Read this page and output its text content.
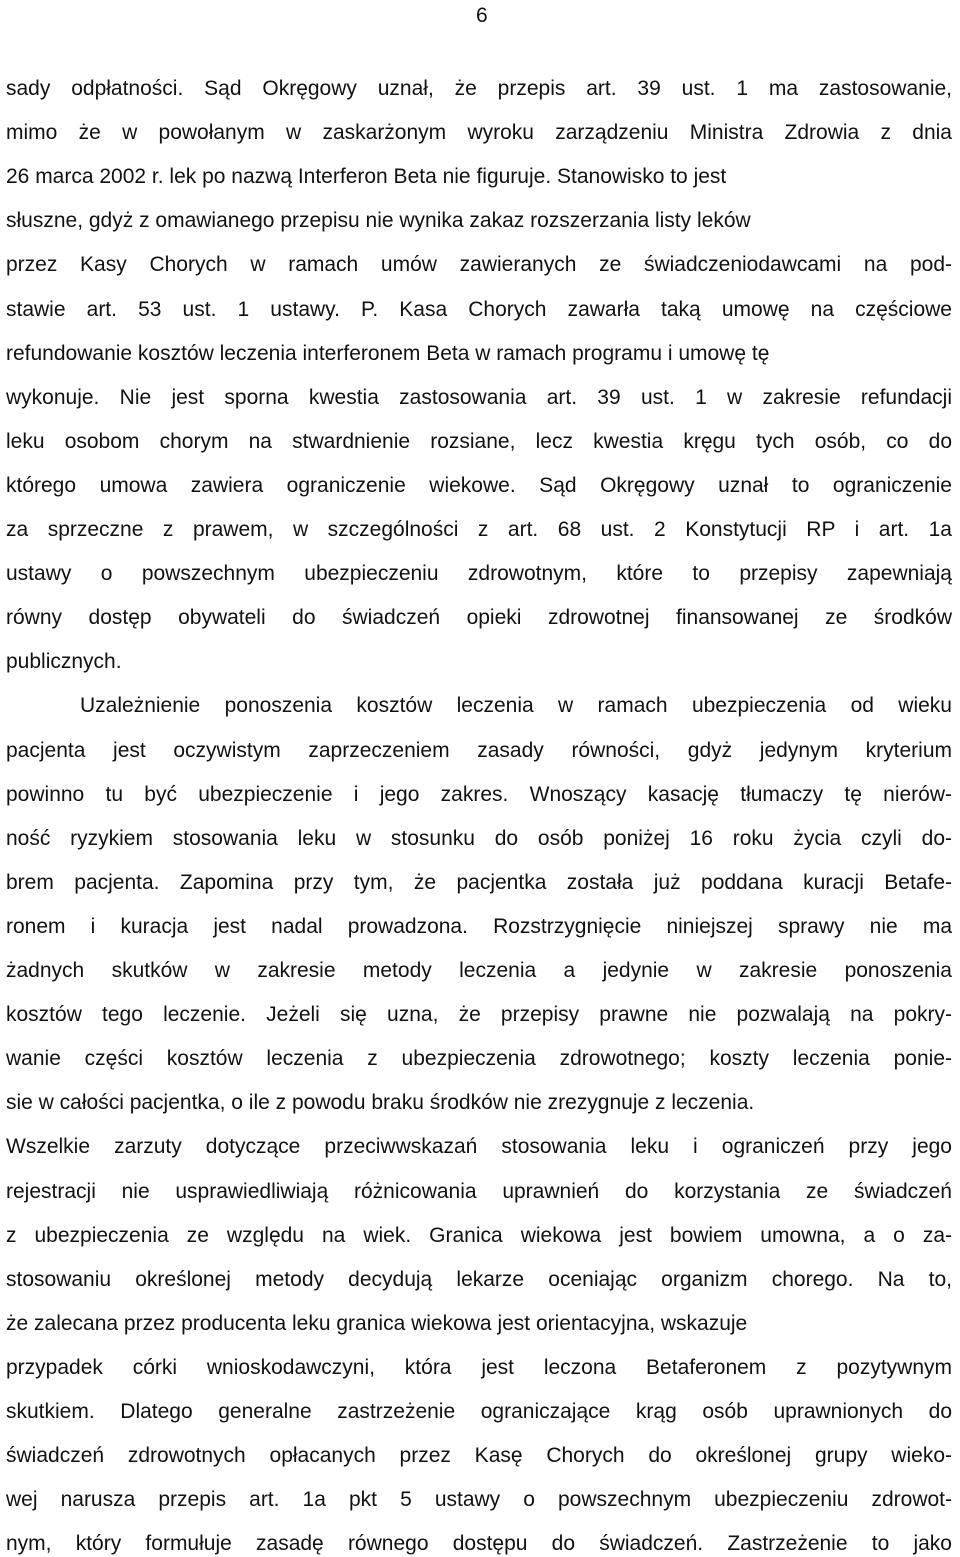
6
sady odpłatności. Sąd Okręgowy uznał, że przepis art. 39 ust. 1 ma zastosowanie,
mimo że w powołanym w zaskarżonym wyroku zarządzeniu Ministra Zdrowia z dnia
26 marca 2002 r. lek po nazwą Interferon Beta nie figuruje. Stanowisko to jest
słuszne, gdyż z omawianego przepisu nie wynika zakaz rozszerzania listy leków
przez Kasy Chorych w ramach umów zawieranych ze świadczeniodawcami na pod-
stawie art. 53 ust. 1 ustawy. P. Kasa Chorych zawarła taką umowę na częściowe
refundowanie kosztów leczenia interferonem Beta w ramach programu i umowę tę
wykonuje. Nie jest sporna kwestia zastosowania art. 39 ust. 1 w zakresie refundacji
leku osobom chorym na stwardnienie rozsiane, lecz kwestia kręgu tych osób, co do
którego umowa zawiera ograniczenie wiekowe. Sąd Okręgowy uznał to ograniczenie
za sprzeczne z prawem, w szczególności z art. 68 ust. 2 Konstytucji RP i art. 1a
ustawy o powszechnym ubezpieczeniu zdrowotnym, które to przepisy zapewniają
równy dostęp obywateli do świadczeń opieki zdrowotnej finansowanej ze środków
publicznych.
Uzależnienie ponoszenia kosztów leczenia w ramach ubezpieczenia od wieku
pacjenta jest oczywistym zaprzeczeniem zasady równości, gdyż jedynym kryterium
powinno tu być ubezpieczenie i jego zakres. Wnoszący kasację tłumaczy tę nierów-
ność ryzykiem stosowania leku w stosunku do osób poniżej 16 roku życia czyli do-
brem pacjenta. Zapomina przy tym, że pacjentka została już poddana kuracji Betafe-
ronem i kuracja jest nadal prowadzona. Rozstrzygnięcie niniejszej sprawy nie ma
żadnych skutków w zakresie metody leczenia a jedynie w zakresie ponoszenia
kosztów tego leczenie. Jeżeli się uzna, że przepisy prawne nie pozwalają na pokry-
wanie części kosztów leczenia z ubezpieczenia zdrowotnego; koszty leczenia ponie-
sie w całości pacjentka, o ile z powodu braku środków nie zrezygnuje z leczenia.
Wszelkie zarzuty dotyczące przeciwwskazań stosowania leku i ograniczeń przy jego
rejestracji nie usprawiedliwiają różnicowania uprawnień do korzystania ze świadczeń
z ubezpieczenia ze względu na wiek. Granica wiekowa jest bowiem umowna, a o za-
stosowaniu określonej metody decydują lekarze oceniając organizm chorego. Na to,
że zalecana przez producenta leku granica wiekowa jest orientacyjna, wskazuje
przypadek córki wnioskodawczyni, która jest leczona Betaferonem z pozytywnym
skutkiem. Dlatego generalne zastrzeżenie ograniczające krąg osób uprawnionych do
świadczeń zdrowotnych opłacanych przez Kasę Chorych do określonej grupy wieko-
wej narusza przepis art. 1a pkt 5 ustawy o powszechnym ubezpieczeniu zdrowot-
nym, który formułuje zasadę równego dostępu do świadczeń. Zastrzeżenie to jako
